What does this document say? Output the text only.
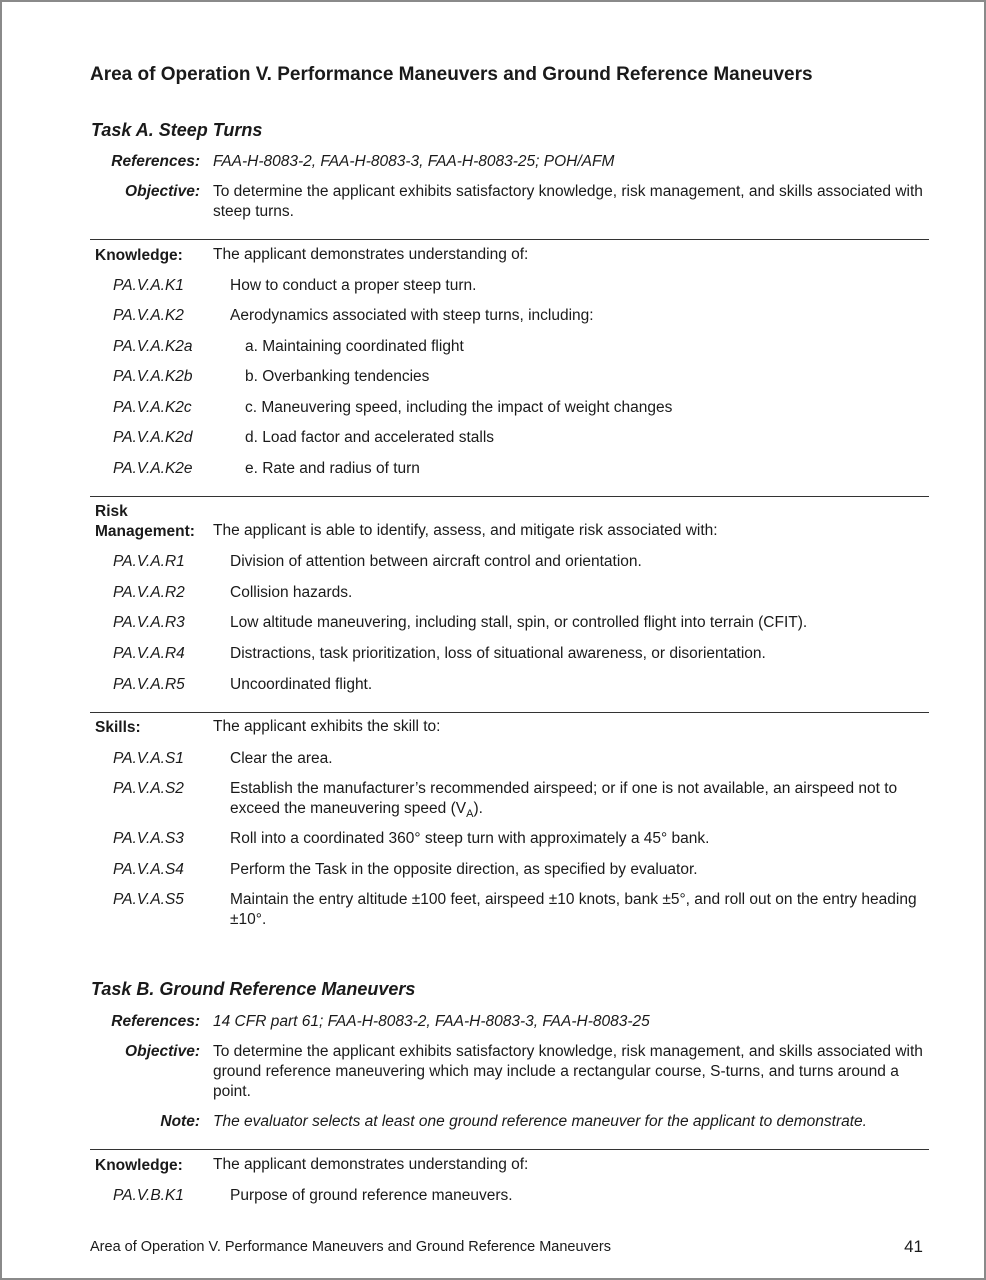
Area of Operation V. Performance Maneuvers and Ground Reference Maneuvers
Task A. Steep Turns
References: FAA-H-8083-2, FAA-H-8083-3, FAA-H-8083-25; POH/AFM
Objective: To determine the applicant exhibits satisfactory knowledge, risk management, and skills associated with steep turns.
Knowledge: The applicant demonstrates understanding of:
PA.V.A.K1	How to conduct a proper steep turn.
PA.V.A.K2	Aerodynamics associated with steep turns, including:
PA.V.A.K2a	a. Maintaining coordinated flight
PA.V.A.K2b	b. Overbanking tendencies
PA.V.A.K2c	c. Maneuvering speed, including the impact of weight changes
PA.V.A.K2d	d. Load factor and accelerated stalls
PA.V.A.K2e	e. Rate and radius of turn
Risk
Management: The applicant is able to identify, assess, and mitigate risk associated with:
PA.V.A.R1	Division of attention between aircraft control and orientation.
PA.V.A.R2	Collision hazards.
PA.V.A.R3	Low altitude maneuvering, including stall, spin, or controlled flight into terrain (CFIT).
PA.V.A.R4	Distractions, task prioritization, loss of situational awareness, or disorientation.
PA.V.A.R5	Uncoordinated flight.
Skills:	The applicant exhibits the skill to:
PA.V.A.S1	Clear the area.
PA.V.A.S2	Establish the manufacturer’s recommended airspeed; or if one is not available, an airspeed not to exceed the maneuvering speed $(V_A)$.
PA.V.A.S3	Roll into a coordinated 360° steep turn with approximately a 45° bank.
PA.V.A.S4	Perform the Task in the opposite direction, as specified by evaluator.
PA.V.A.S5	Maintain the entry altitude ±100 feet, airspeed ±10 knots, bank ±5°, and roll out on the entry heading ±10°.
Task B. Ground Reference Maneuvers
References: 14 CFR part 61; FAA-H-8083-2, FAA-H-8083-3, FAA-H-8083-25
Objective: To determine the applicant exhibits satisfactory knowledge, risk management, and skills associated with ground reference maneuvering which may include a rectangular course, S-turns, and turns around a point.
Note: The evaluator selects at least one ground reference maneuver for the applicant to demonstrate.
Knowledge: The applicant demonstrates understanding of:
PA.V.B.K1	Purpose of ground reference maneuvers.
Area of Operation V. Performance Maneuvers and Ground Reference Maneuvers	41
